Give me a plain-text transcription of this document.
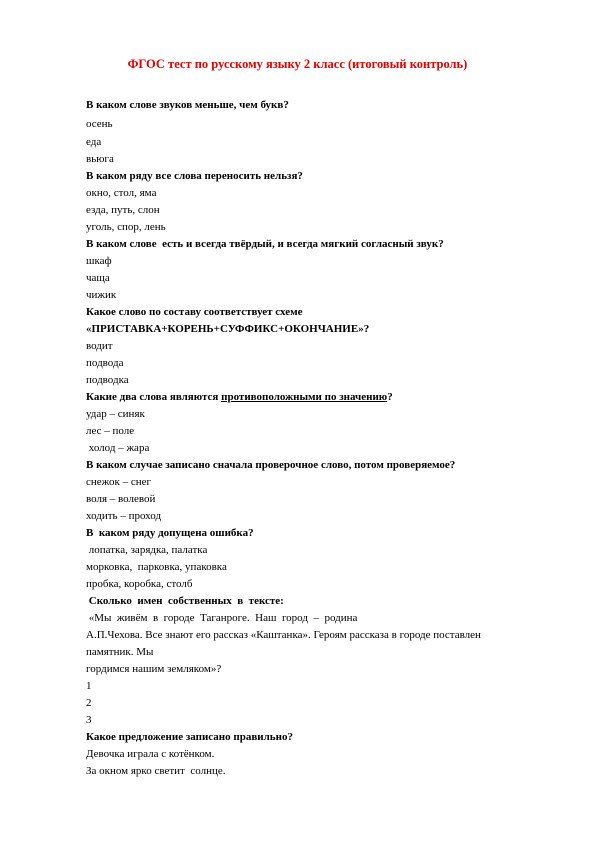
ФГОС тест по русскому языку 2 класс (итоговый контроль)
В каком слове звуков меньше, чем букв?
осень
еда
вьюга
В каком ряду все слова переносить нельзя?
окно, стол, яма
езда, путь, слон
уголь, спор, лень
В каком слове  есть и всегда твёрдый, и всегда мягкий согласный звук?
шкаф
чаща
чижик
Какое слово по составу соответствует схеме
«ПРИСТАВКА+КОРЕНЬ+СУФФИКС+ОКОНЧАНИЕ»?
водит
подвода
подводка
Какие два слова являются противоположными по значению?
удар – синяк
лес – поле
холод – жара
В каком случае записано сначала проверочное слово, потом проверяемое?
снежок – снег
воля – волевой
ходить – проход
В  каком ряду допущена ошибка?
лопатка, зарядка, палатка
морковка,  парковка, упаковка
пробка, коробка, столб
Сколько  имен  собственных  в  тексте:
«Мы  живём  в  городе  Таганроге.  Наш  город  –  родина
А.П.Чехова. Все знают его рассказ «Каштанка». Героям рассказа в городе поставлен
памятник. Мы
гордимся нашим земляком»?
1
2
3
Какое предложение записано правильно?
Девочка играла с котёнком.
За окном ярко светит  солнце.
